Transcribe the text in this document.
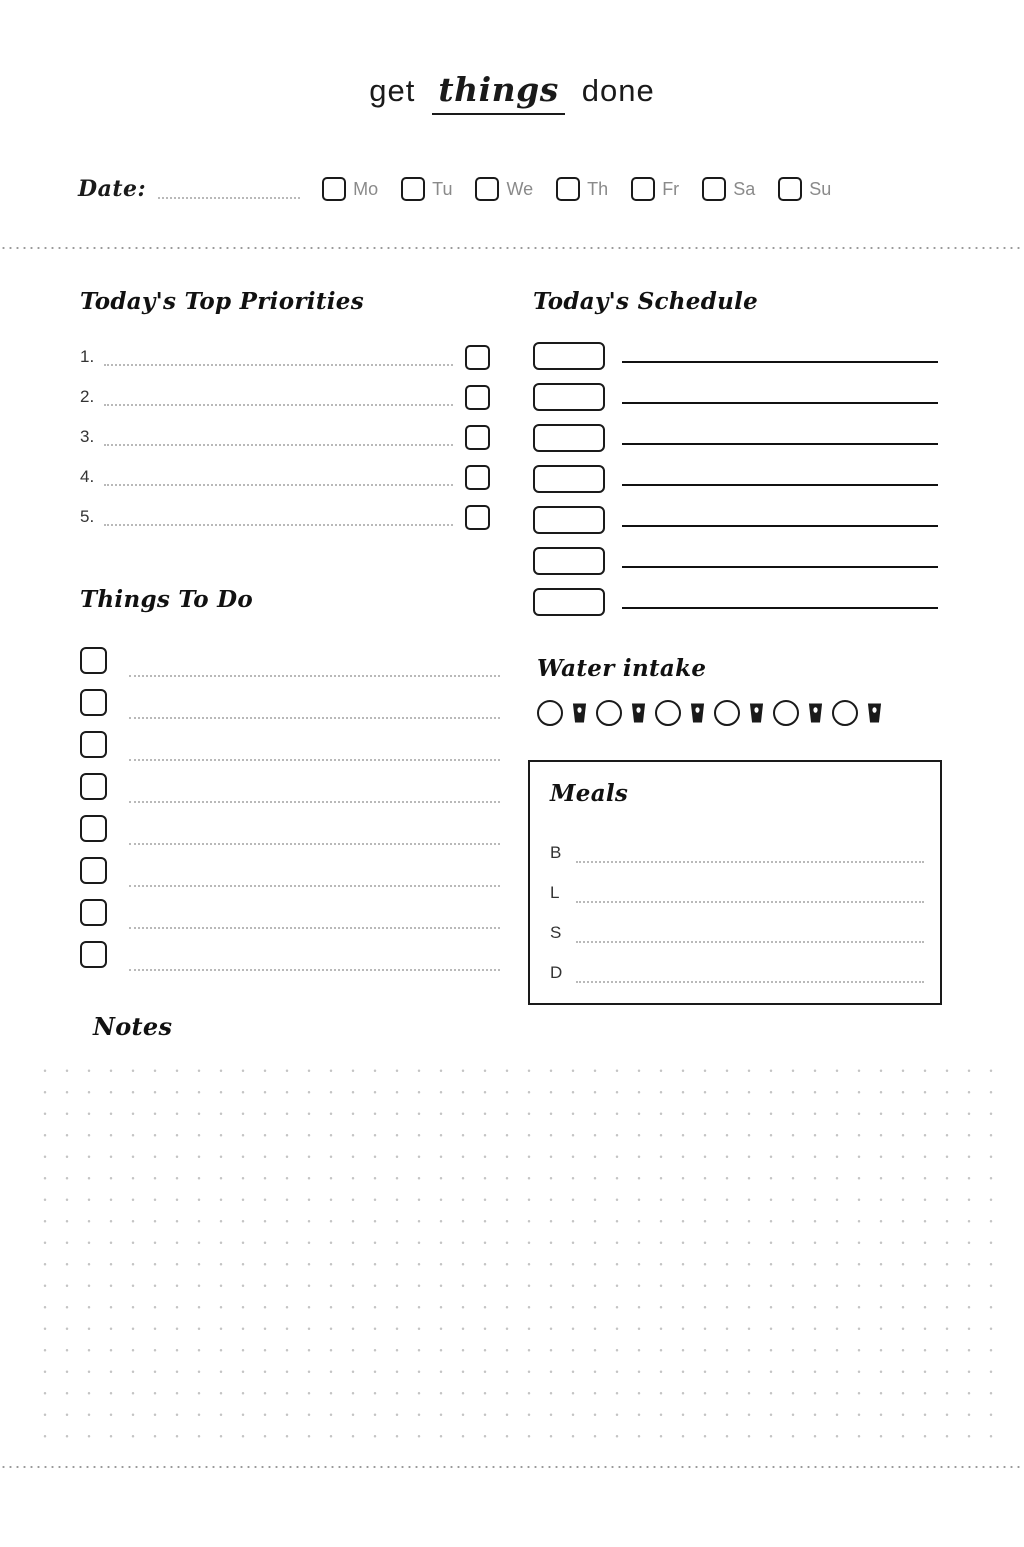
get things done
Date:	Mo	Tu	We	Th	Fr	Sa	Su
Today's Top Priorities
1.
2.
3.
4.
5.
Things To Do
Today's Schedule
Water intake
Meals
B
L
S
D
Notes
